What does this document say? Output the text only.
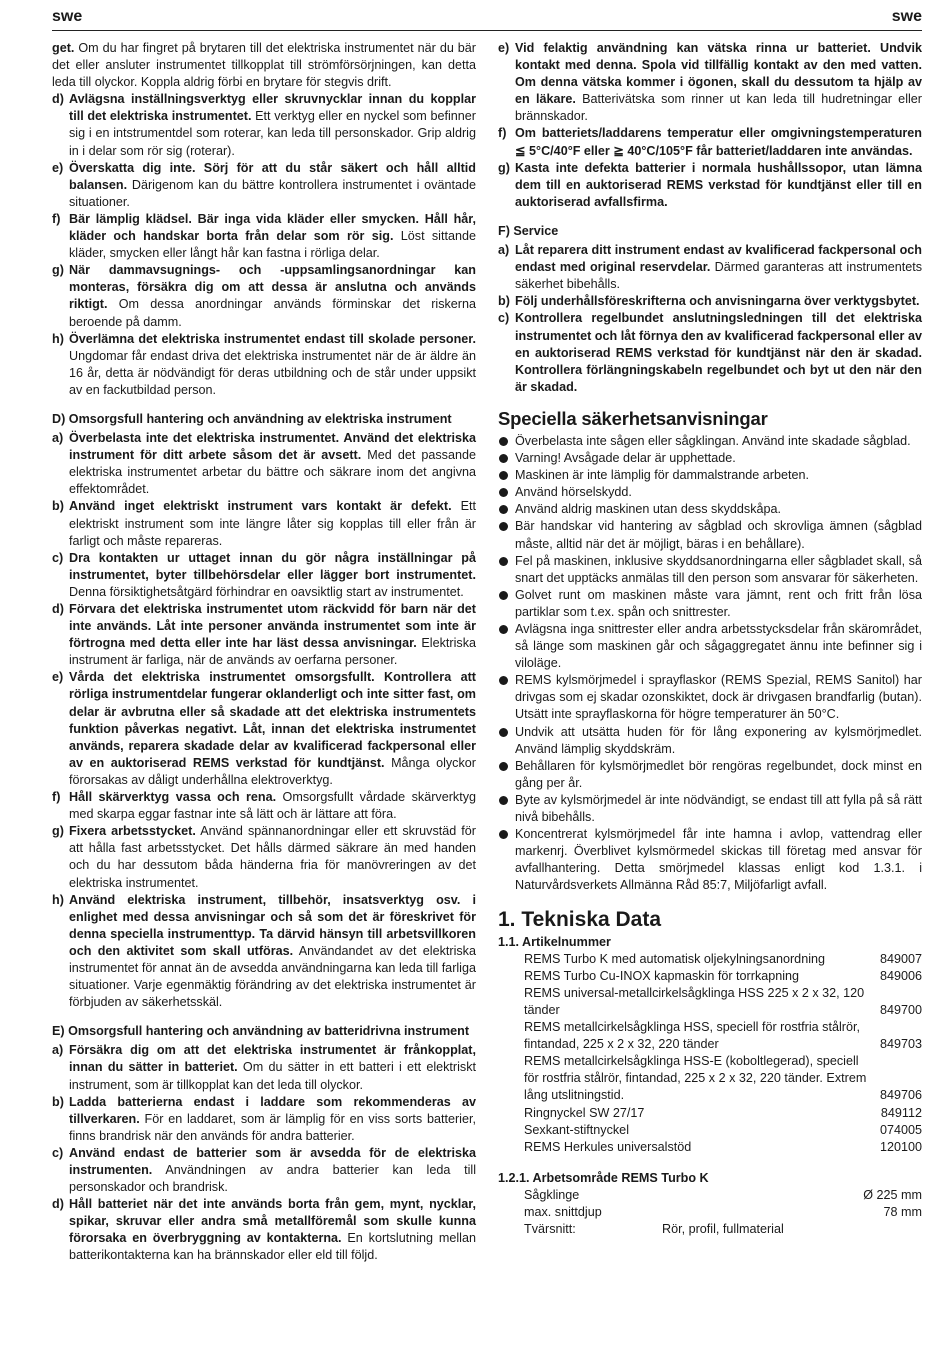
swe	swe
get. Om du har fingret på brytaren till det elektriska instrumentet när du bär det eller ansluter instrumentet tillkopplat till strömförsörjningen, kan detta leda till olyckor. Koppla aldrig förbi en brytare för stegvis drift.
d) Avlägsna inställningsverktyg eller skruvnycklar innan du kopplar till det elektriska instrumentet. Ett verktyg eller en nyckel som befinner sig i en intstrumentdel som roterar, kan leda till personskador. Grip aldrig in i delar som rör sig (roterar).
e) Överskatta dig inte. Sörj för att du står säkert och håll alltid balansen. Därigenom kan du bättre kontrollera instrumentet i oväntade situationer.
f) Bär lämplig klädsel. Bär inga vida kläder eller smycken. Håll hår, kläder och handskar borta från delar som rör sig. Löst sittande kläder, smycken eller långt hår kan fastna i rörliga delar.
g) När dammavsugnings- och -uppsamlingsanordningar kan monteras, försäkra dig om att dessa är anslutna och används riktigt. Om dessa anordningar används förminskar det riskerna beroende på damm.
h) Överlämna det elektriska instrumentet endast till skolade personer. Ungdomar får endast driva det elektriska instrumentet när de är äldre än 16 år, detta är nödvändigt för deras utbildning och de står under uppsikt av en fackutbildad person.
D) Omsorgsfull hantering och användning av elektriska instrument
a) Överbelasta inte det elektriska instrumentet. Använd det elektriska instrument för ditt arbete såsom det är avsett. Med det passande elektriska instrumentet arbetar du bättre och säkrare inom det angivna effektområdet.
b) Använd inget elektriskt instrument vars kontakt är defekt. Ett elektriskt instrument som inte längre låter sig kopplas till eller från är farligt och måste repareras.
c) Dra kontakten ur uttaget innan du gör några inställningar på instrumentet, byter tillbehörsdelar eller lägger bort instrumentet. Denna försiktighetsåtgärd förhindrar en oavsiktlig start av instrumentet.
d) Förvara det elektriska instrumentet utom räckvidd för barn när det inte används. Låt inte personer använda instrumentet som inte är förtrogna med detta eller inte har läst dessa anvisningar. Elektriska instrument är farliga, när de används av oerfarna personer.
e) Vårda det elektriska instrumentet omsorgsfullt. Kontrollera att rörliga instrumentdelar fungerar oklanderligt och inte sitter fast, om delar är avbrutna eller så skadade att det elektriska instrumentets funktion påverkas negativt. Låt, innan det elektriska instrumentet används, reparera skadade delar av kvalificerad fackpersonal eller av en auktoriserad REMS verkstad för kundtjänst. Många olyckor förorsakas av dåligt underhållna elektroverktyg.
f) Håll skärverktyg vassa och rena. Omsorgsfullt vårdade skärverktyg med skarpa eggar fastnar inte så lätt och är lättare att föra.
g) Fixera arbetsstycket. Använd spännanordningar eller ett skruvstäd för att hålla fast arbetsstycket. Det hålls därmed säkrare än med handen och du har dessutom båda händerna fria för manövreringen av det elektriska instrumentet.
h) Använd elektriska instrument, tillbehör, insatsverktyg osv. i enlighet med dessa anvisningar och så som det är föreskrivet för denna speciella instrumenttyp. Ta därvid hänsyn till arbetsvillkoren och den aktivitet som skall utföras. Användandet av det elektriska instrumentet för annat än de avsedda användningarna kan leda till farliga situationer. Varje egenmäktig förändring av det elektriska instrumentet är förbjuden av säkerhetsskäl.
E) Omsorgsfull hantering och användning av batteridrivna instrument
a) Försäkra dig om att det elektriska instrumentet är frånkopplat, innan du sätter in batteriet. Om du sätter in ett batteri i ett elektriskt instrument, som är tillkopplat kan det leda till olyckor.
b) Ladda batterierna endast i laddare som rekommenderas av tillverkaren. För en laddaret, som är lämplig för en viss sorts batterier, finns brandrisk när den används för andra batterier.
c) Använd endast de batterier som är avsedda för de elektriska instrumenten. Användningen av andra batterier kan leda till personskador och brandrisk.
d) Håll batteriet när det inte används borta från gem, mynt, nycklar, spikar, skruvar eller andra små metallföremål som skulle kunna förorsaka en överbryggning av kontakterna. En kortslutning mellan batterikontakterna kan ha brännskador eller eld till följd.
e) Vid felaktig användning kan vätska rinna ur batteriet. Undvik kontakt med denna. Spola vid tillfällig kontakt av den med vatten. Om denna vätska kommer i ögonen, skall du dessutom ta hjälp av en läkare. Batterivätska som rinner ut kan leda till hudretningar eller brännskador.
f) Om batteriets/laddarens temperatur eller omgivningstemperaturen ≦ 5°C/40°F eller ≧ 40°C/105°F får batteriet/laddaren inte användas.
g) Kasta inte defekta batterier i normala hushållssopor, utan lämna dem till en auktoriserad REMS verkstad för kundtjänst eller till en auktoriserad avfallsfirma.
F) Service
a) Låt reparera ditt instrument endast av kvalificerad fackpersonal och endast med original reservdelar. Därmed garanteras att instrumentets säkerhet bibehålls.
b) Följ underhållsföreskrifterna och anvisningarna över verktygsbytet.
c) Kontrollera regelbundet anslutningsledningen till det elektriska instrumentet och låt förnya den av kvalificerad fackpersonal eller av en auktoriserad REMS verkstad för kundtjänst när den är skadad. Kontrollera förlängningskabeln regelbundet och byt ut den när den är skadad.
Speciella säkerhetsanvisningar
Överbelasta inte sågen eller sågklingan. Använd inte skadade sågblad.
Varning! Avsågade delar är upphettade.
Maskinen är inte lämplig för dammalstrande arbeten.
Använd hörselskydd.
Använd aldrig maskinen utan dess skyddskåpa.
Bär handskar vid hantering av sågblad och skrovliga ämnen (sågblad måste, alltid när det är möjligt, bäras i en behållare).
Fel på maskinen, inklusive skyddsanordningarna eller sågbladet skall, så snart det upptäcks anmälas till den person som ansvarar för säkerheten.
Golvet runt om maskinen måste vara jämnt, rent och fritt från lösa partiklar som t.ex. spån och snittrester.
Avlägsna inga snittrester eller andra arbetsstycksdelar från skärområdet, så länge som maskinen går och sågaggregatet ännu inte befinner sig i viloläge.
REMS kylsmörjmedel i sprayflaskor (REMS Spezial, REMS Sanitol) har drivgas som ej skadar ozonskiktet, dock är drivgasen brandfarlig (butan). Utsätt inte sprayflaskorna för högre temperaturer än 50°C.
Undvik att utsätta huden för för lång exponering av kylsmörjmedlet. Använd lämplig skyddskräm.
Behållaren för kylsmörjmedlet bör rengöras regelbundet, dock minst en gång per år.
Byte av kylsmörjmedel är inte nödvändigt, se endast till att fylla på så rätt nivå bibehålls.
Koncentrerat kylsmörjmedel får inte hamna i avlop, vattendrag eller markenrj. Överblivet kylsmörmedel skickas till företag med ansvar för avfallhantering. Detta smörjmedel klassas enligt kod 1.3.1. i Naturvårdsverkets Allmänna Råd 85:7, Miljöfarligt avfall.
1. Tekniska Data
1.1. Artikelnummer
REMS Turbo K med automatisk oljekylningsanordning	849007
REMS Turbo Cu-INOX kapmaskin för torrkapning	849006
REMS universal-metallcirkelsågklinga HSS 225 x 2 x 32, 120 tänder	849700
REMS metallcirkelsågklinga HSS, speciell för rostfria stålrör, fintandad, 225 x 2 x 32, 220 tänder	849703
REMS metallcirkelsågklinga HSS-E (koboltlegerad), speciell för rostfria stålrör, fintandad, 225 x 2 x 32, 220 tänder. Extrem lång utslitningstid.	849706
Ringnyckel SW 27/17	849112
Sexkant-stiftnyckel	074005
REMS Herkules universalstöd	120100
1.2.1. Arbetsområde REMS Turbo K
Sågklinge	Ø 225 mm
max. snittdjup	78 mm
Tvärsnitt:	Rör, profil, fullmaterial
